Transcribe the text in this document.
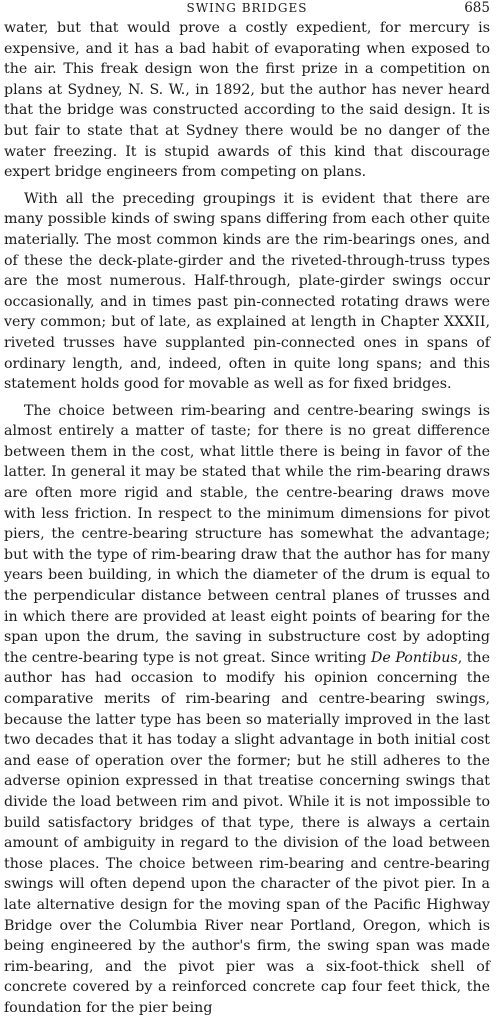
SWING BRIDGES	685

water, but that would prove a costly expedient, for mercury is expensive, and it has a bad habit of evaporating when exposed to the air. This freak design won the first prize in a competition on plans at Sydney, N. S. W., in 1892, but the author has never heard that the bridge was constructed according to the said design. It is but fair to state that at Sydney there would be no danger of the water freezing. It is stupid awards of this kind that discourage expert bridge engineers from competing on plans.

With all the preceding groupings it is evident that there are many possible kinds of swing spans differing from each other quite materially. The most common kinds are the rim-bearings ones, and of these the deck-plate-girder and the riveted-through-truss types are the most numerous. Half-through, plate-girder swings occur occasionally, and in times past pin-connected rotating draws were very common; but of late, as explained at length in Chapter XXXII, riveted trusses have supplanted pin-connected ones in spans of ordinary length, and, indeed, often in quite long spans; and this statement holds good for movable as well as for fixed bridges.

The choice between rim-bearing and centre-bearing swings is almost entirely a matter of taste; for there is no great difference between them in the cost, what little there is being in favor of the latter. In general it may be stated that while the rim-bearing draws are often more rigid and stable, the centre-bearing draws move with less friction. In respect to the minimum dimensions for pivot piers, the centre-bearing structure has somewhat the advantage; but with the type of rim-bearing draw that the author has for many years been building, in which the diameter of the drum is equal to the perpendicular distance between central planes of trusses and in which there are provided at least eight points of bearing for the span upon the drum, the saving in substructure cost by adopting the centre-bearing type is not great. Since writing De Pontibus, the author has had occasion to modify his opinion concerning the comparative merits of rim-bearing and centre-bearing swings, because the latter type has been so materially improved in the last two decades that it has today a slight advantage in both initial cost and ease of operation over the former; but he still adheres to the adverse opinion expressed in that treatise concerning swings that divide the load between rim and pivot. While it is not impossible to build satisfactory bridges of that type, there is always a certain amount of ambiguity in regard to the division of the load between those places. The choice between rim-bearing and centre-bearing swings will often depend upon the character of the pivot pier. In a late alternative design for the moving span of the Pacific Highway Bridge over the Columbia River near Portland, Oregon, which is being engineered by the author's firm, the swing span was made rim-bearing, and the pivot pier was a six-foot-thick shell of concrete covered by a reinforced concrete cap four feet thick, the foundation for the pier being
